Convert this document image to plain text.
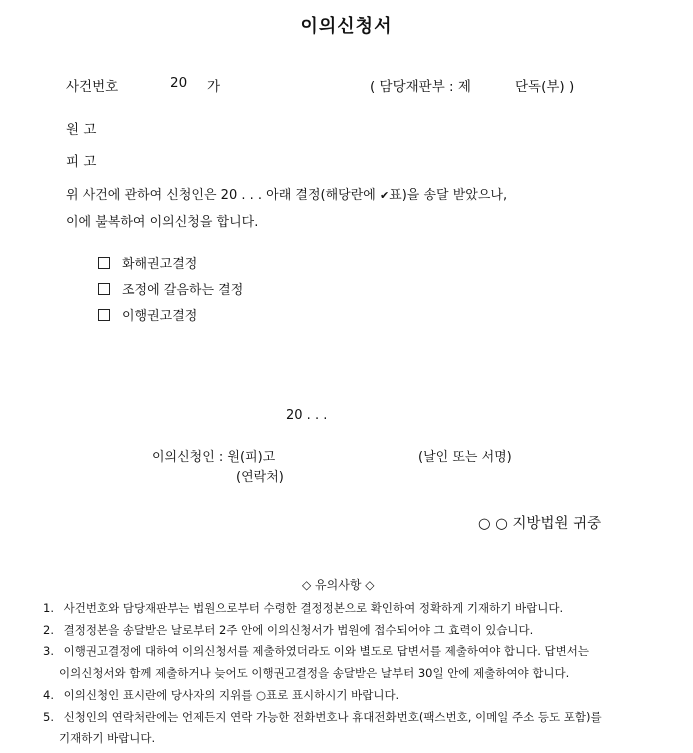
이의신청서
사건번호	20 가	( 담당재판부 : 제	단독(부) )
원 고
피 고
위 사건에 관하여 신청인은 20 . . . 아래 결정(해당란에 ✔표)을 송달 받았으나,
이에 불복하여 이의신청을 합니다.
화해권고결정
조정에 갈음하는 결정
이행권고결정
20 . . .
이의신청인 : 원(피)고
(연락처)
(날인 또는 서명)
○ ○ 지방법원 귀중
◇ 유의사항 ◇
1. 사건번호와 담당재판부는 법원으로부터 수령한 결정정본으로 확인하여 정확하게 기재하기 바랍니다.
2. 결정정본을 송달받은 날로부터 2주 안에 이의신청서가 법원에 접수되어야 그 효력이 있습니다.
3. 이행권고결정에 대하여 이의신청서를 제출하였더라도 이와 별도로 답변서를 제출하여야 합니다. 답변서는
이의신청서와 함께 제출하거나 늦어도 이행권고결정을 송달받은 날부터 30일 안에 제출하여야 합니다.
4. 이의신청인 표시란에 당사자의 지위를 ○표로 표시하시기 바랍니다.
5. 신청인의 연락처란에는 언제든지 연락 가능한 전화번호나 휴대전화번호(팩스번호, 이메일 주소 등도 포함)를
기재하기 바랍니다.
